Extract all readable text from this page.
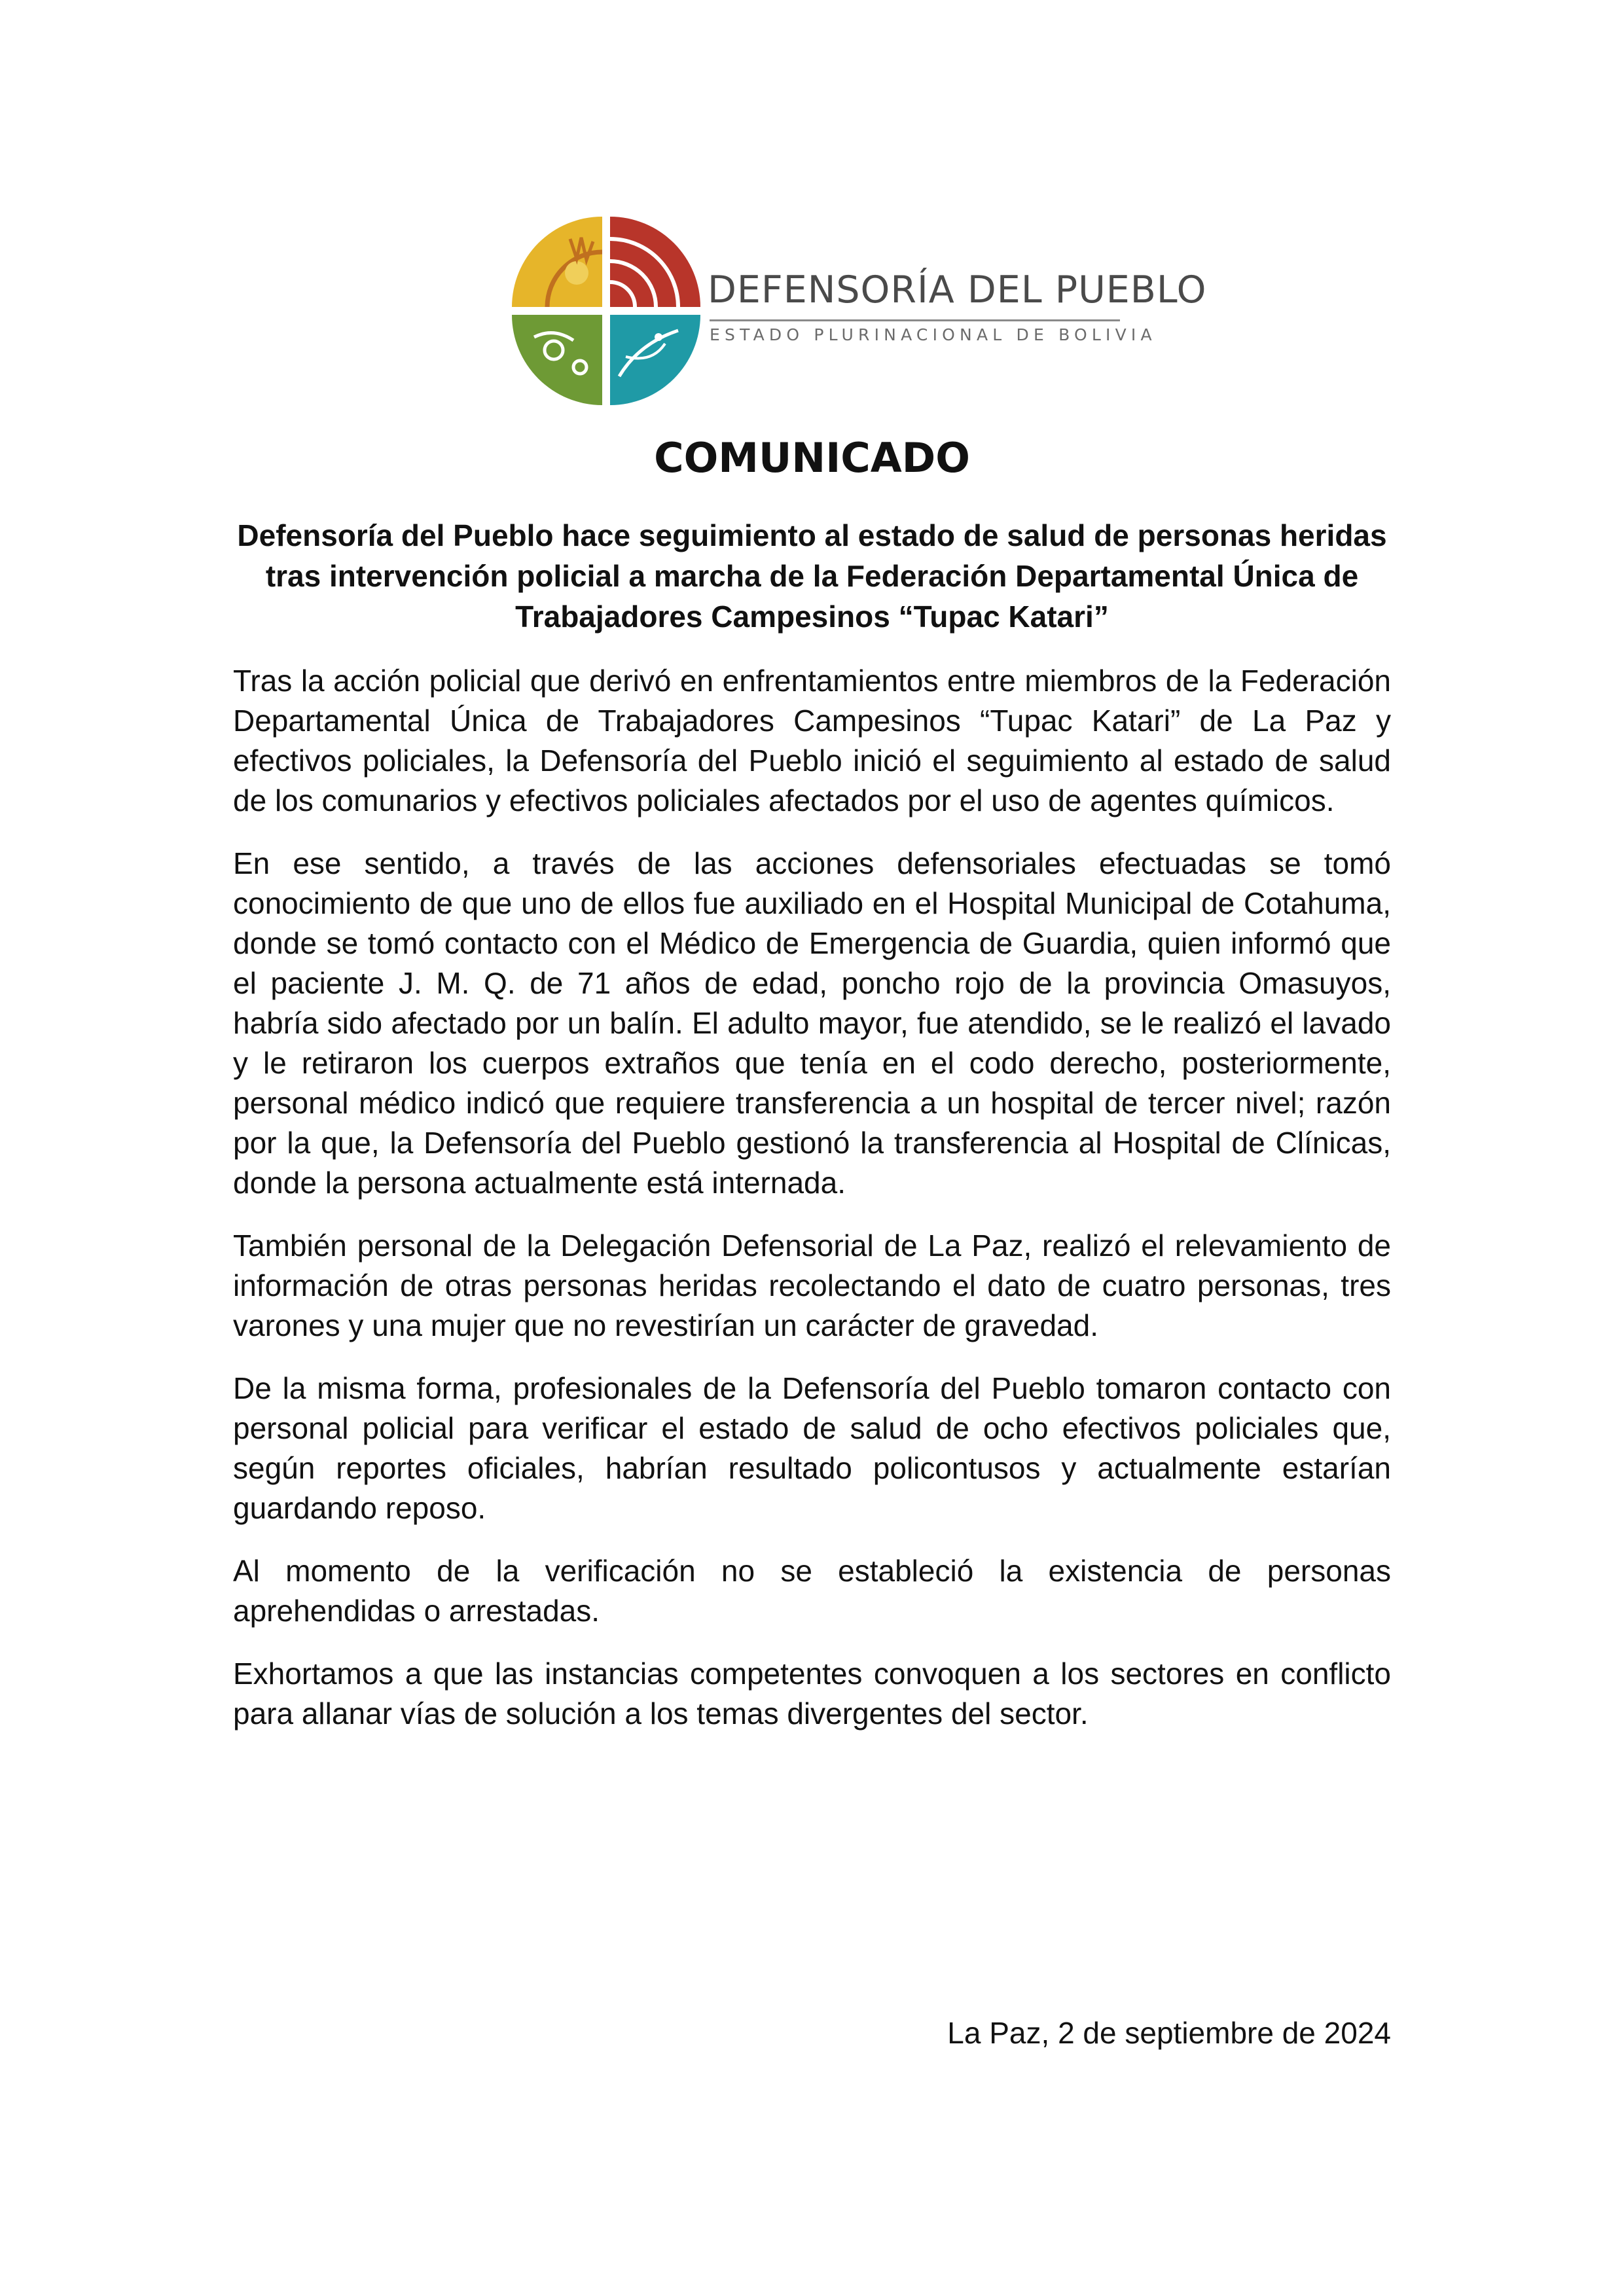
DEFENSORÍA DEL PUEBLO
ESTADO PLURINACIONAL DE BOLIVIA
COMUNICADO
Defensoría del Pueblo hace seguimiento al estado de salud de personas heridas tras intervención policial a marcha de la Federación Departamental Única de Trabajadores Campesinos “Tupac Katari”

Tras la acción policial que derivó en enfrentamientos entre miembros de la Federación Departamental Única de Trabajadores Campesinos “Tupac Katari” de La Paz y efectivos policiales, la Defensoría del Pueblo inició el seguimiento al estado de salud de los comunarios y efectivos policiales afectados por el uso de agentes químicos.

En ese sentido, a través de las acciones defensoriales efectuadas se tomó conocimiento de que uno de ellos fue auxiliado en el Hospital Municipal de Cotahuma, donde se tomó contacto con el Médico de Emergencia de Guardia, quien informó que el paciente J. M. Q. de 71 años de edad, poncho rojo de la provincia Omasuyos, habría sido afectado por un balín. El adulto mayor, fue atendido, se le realizó el lavado y le retiraron los cuerpos extraños que tenía en el codo derecho, posteriormente, personal médico indicó que requiere transferencia a un hospital de tercer nivel; razón por la que, la Defensoría del Pueblo gestionó la transferencia al Hospital de Clínicas, donde la persona actualmente está internada.

También personal de la Delegación Defensorial de La Paz, realizó el relevamiento de información de otras personas heridas recolectando el dato de cuatro personas, tres varones y una mujer que no revestirían un carácter de gravedad.

De la misma forma, profesionales de la Defensoría del Pueblo tomaron contacto con personal policial para verificar el estado de salud de ocho efectivos policiales que, según reportes oficiales, habrían resultado policontusos y actualmente estarían guardando reposo.

Al momento de la verificación no se estableció la existencia de personas aprehendidas o arrestadas.

Exhortamos a que las instancias competentes convoquen a los sectores en conflicto para allanar vías de solución a los temas divergentes del sector.

La Paz, 2 de septiembre de 2024
